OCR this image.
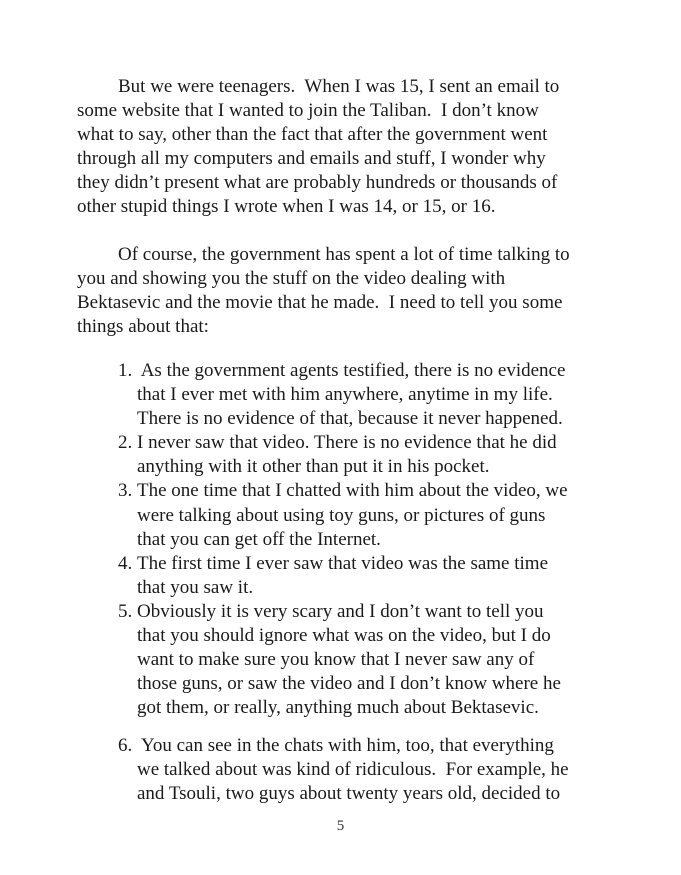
But we were teenagers.  When I was 15, I sent an email to
some website that I wanted to join the Taliban.  I don’t know
what to say, other than the fact that after the government went
through all my computers and emails and stuff, I wonder why
they didn’t present what are probably hundreds or thousands of
other stupid things I wrote when I was 14, or 15, or 16.

Of course, the government has spent a lot of time talking to
you and showing you the stuff on the video dealing with
Bektasevic and the movie that he made.  I need to tell you some
things about that:

1. As the government agents testified, there is no evidence
that I ever met with him anywhere, anytime in my life.
There is no evidence of that, because it never happened.
2. I never saw that video. There is no evidence that he did
anything with it other than put it in his pocket.
3. The one time that I chatted with him about the video, we
were talking about using toy guns, or pictures of guns
that you can get off the Internet.
4. The first time I ever saw that video was the same time
that you saw it.
5. Obviously it is very scary and I don’t want to tell you
that you should ignore what was on the video, but I do
want to make sure you know that I never saw any of
those guns, or saw the video and I don’t know where he
got them, or really, anything much about Bektasevic.
6. You can see in the chats with him, too, that everything
we talked about was kind of ridiculous.  For example, he
and Tsouli, two guys about twenty years old, decided to
5
